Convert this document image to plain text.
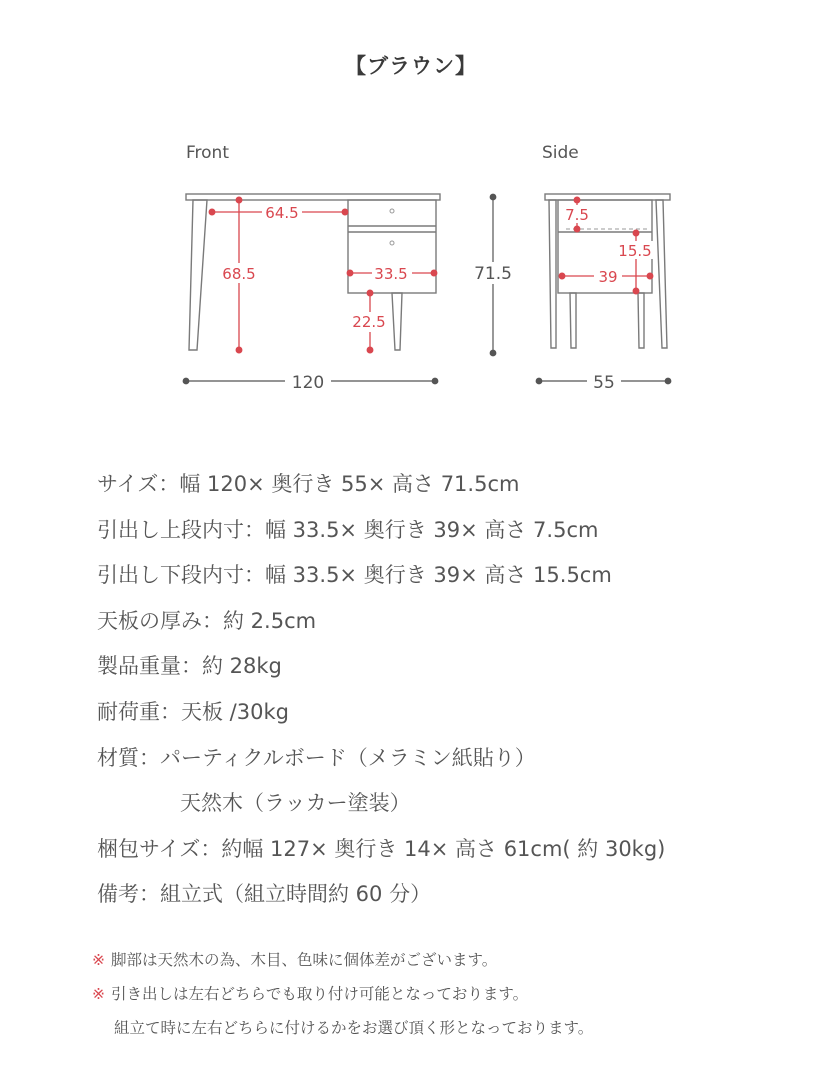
【ブラウン】
Front	Side
64.5
68.5	33.5
22.5
120
71.5
7.5
15.5
39
55
サイズ：幅 120× 奥行き 55× 高さ 71.5cm
引出し上段内寸：幅 33.5× 奥行き 39× 高さ 7.5cm
引出し下段内寸：幅 33.5× 奥行き 39× 高さ 15.5cm
天板の厚み：約 2.5cm
製品重量：約 28kg
耐荷重：天板 /30kg
材質：パーティクルボード（メラミン紙貼り）
天然木（ラッカー塗装）
梱包サイズ：約幅 127× 奥行き 14× 高さ 61cm( 約 30kg)
備考：組立式（組立時間約 60 分）
※ 脚部は天然木の為、木目、色味に個体差がございます。
※ 引き出しは左右どちらでも取り付け可能となっております。
組立て時に左右どちらに付けるかをお選び頂く形となっております。
